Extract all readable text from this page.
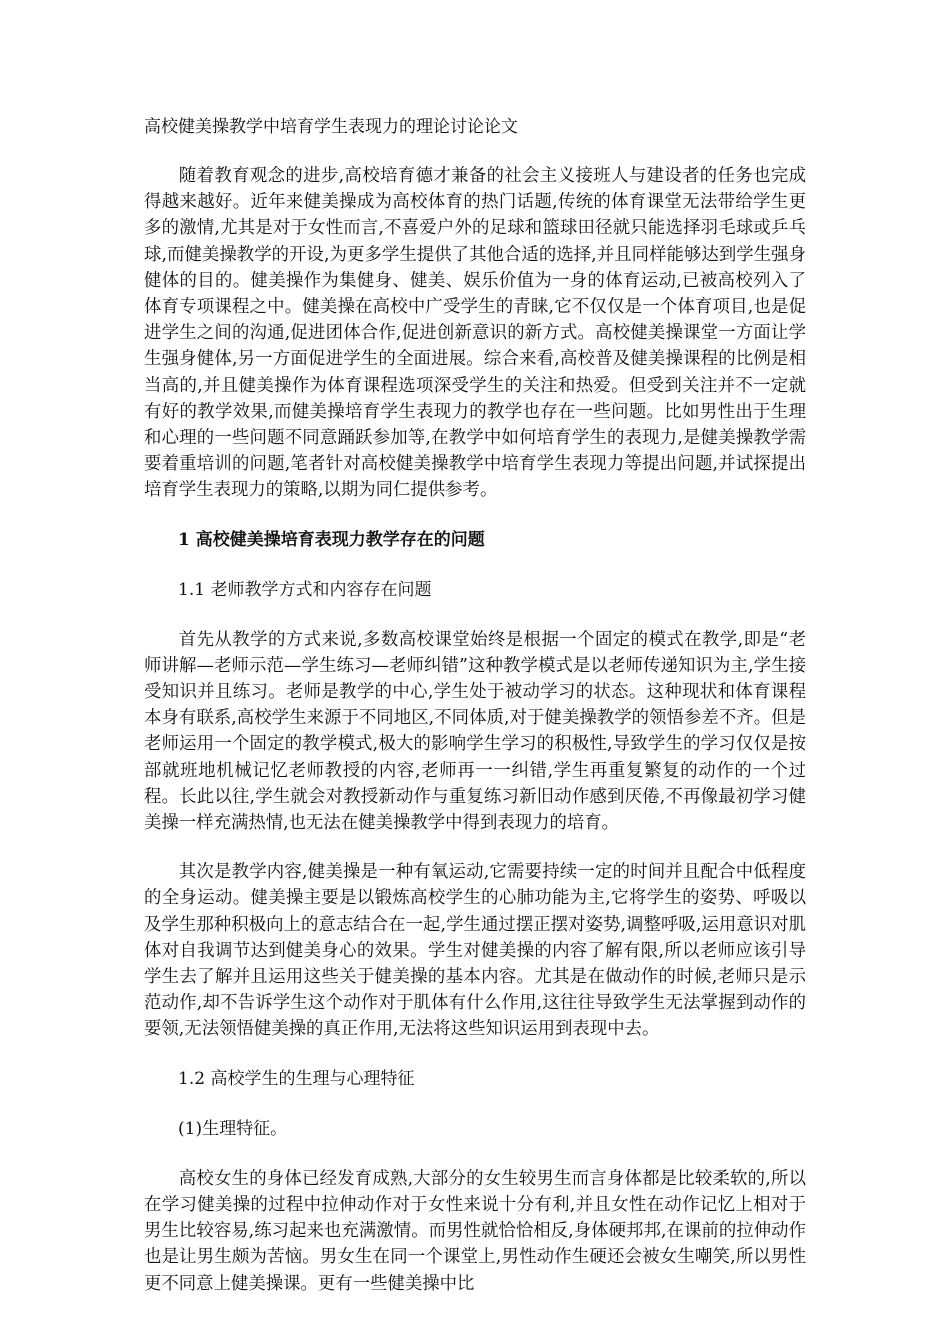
高校健美操教学中培育学生表现力的理论讨论论文

随着教育观念的进步,高校培育德才兼备的社会主义接班人与建设者的任务也完成得越来越好。近年来健美操成为高校体育的热门话题,传统的体育课堂无法带给学生更多的激情,尤其是对于女性而言,不喜爱户外的足球和篮球田径就只能选择羽毛球或乒乓球,而健美操教学的开设,为更多学生提供了其他合适的选择,并且同样能够达到学生强身健体的目的。健美操作为集健身、健美、娱乐价值为一身的体育运动,已被高校列入了体育专项课程之中。健美操在高校中广受学生的青睐,它不仅仅是一个体育项目,也是促进学生之间的沟通,促进团体合作,促进创新意识的新方式。高校健美操课堂一方面让学生强身健体,另一方面促进学生的全面进展。综合来看,高校普及健美操课程的比例是相当高的,并且健美操作为体育课程选项深受学生的关注和热爱。但受到关注并不一定就有好的教学效果,而健美操培育学生表现力的教学也存在一些问题。比如男性出于生理和心理的一些问题不同意踊跃参加等,在教学中如何培育学生的表现力,是健美操教学需要着重培训的问题,笔者针对高校健美操教学中培育学生表现力等提出问题,并试探提出培育学生表现力的策略,以期为同仁提供参考。

1 高校健美操培育表现力教学存在的问题
1.1 老师教学方式和内容存在问题

首先从教学的方式来说,多数高校课堂始终是根据一个固定的模式在教学,即是“老师讲解—老师示范—学生练习—老师纠错”这种教学模式是以老师传递知识为主,学生接受知识并且练习。老师是教学的中心,学生处于被动学习的状态。这种现状和体育课程本身有联系,高校学生来源于不同地区,不同体质,对于健美操教学的领悟参差不齐。但是老师运用一个固定的教学模式,极大的影响学生学习的积极性,导致学生的学习仅仅是按部就班地机械记忆老师教授的内容,老师再一一纠错,学生再重复繁复的动作的一个过程。长此以往,学生就会对教授新动作与重复练习新旧动作感到厌倦,不再像最初学习健美操一样充满热情,也无法在健美操教学中得到表现力的培育。

其次是教学内容,健美操是一种有氧运动,它需要持续一定的时间并且配合中低程度的全身运动。健美操主要是以锻炼高校学生的心肺功能为主,它将学生的姿势、呼吸以及学生那种积极向上的意志结合在一起,学生通过摆正摆对姿势,调整呼吸,运用意识对肌体对自我调节达到健美身心的效果。学生对健美操的内容了解有限,所以老师应该引导学生去了解并且运用这些关于健美操的基本内容。尤其是在做动作的时候,老师只是示范动作,却不告诉学生这个动作对于肌体有什么作用,这往往导致学生无法掌握到动作的要领,无法领悟健美操的真正作用,无法将这些知识运用到表现中去。

1.2 高校学生的生理与心理特征
(1)生理特征。

高校女生的身体已经发育成熟,大部分的女生较男生而言身体都是比较柔软的,所以在学习健美操的过程中拉伸动作对于女性来说十分有利,并且女性在动作记忆上相对于男生比较容易,练习起来也充满激情。而男性就恰恰相反,身体硬邦邦,在课前的拉伸动作也是让男生颇为苦恼。男女生在同一个课堂上,男性动作生硬还会被女生嘲笑,所以男性更不同意上健美操课。更有一些健美操中比
